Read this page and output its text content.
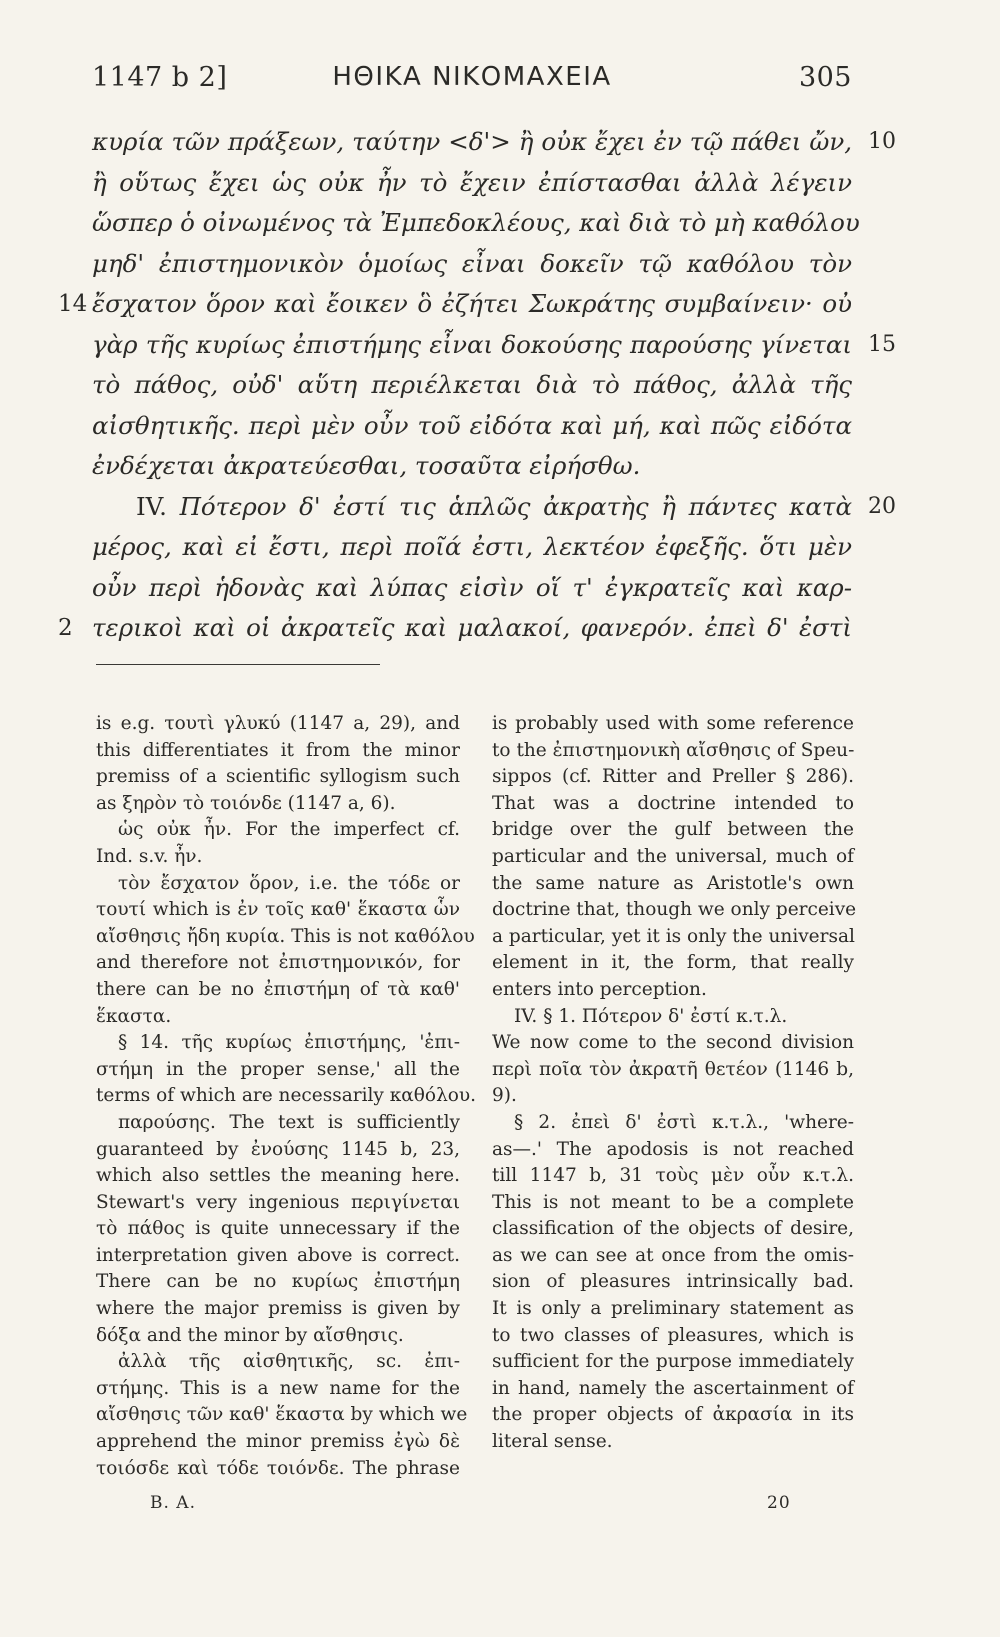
1147 b 2]	ΗΘΙΚΑ ΝΙΚΟΜΑΧΕΙΑ	305
κυρία τῶν πράξεων, ταύτην <δ'> ἢ οὐκ ἔχει ἐν τῷ πάθει ὤν, 10
ἢ οὕτως ἔχει ὡς οὐκ ἦν τὸ ἔχειν ἐπίστασθαι ἀλλὰ λέγειν
ὥσπερ ὁ οἰνωμένος τὰ Ἐμπεδοκλέους, καὶ διὰ τὸ μὴ καθόλου
μηδ' ἐπιστημονικὸν ὁμοίως εἶναι δοκεῖν τῷ καθόλου τὸν
ἔσχατον ὅρον καὶ ἔοικεν ὃ ἐζήτει Σωκράτης συμβαίνειν· οὐ
14
γὰρ τῆς κυρίως ἐπιστήμης εἶναι δοκούσης παρούσης γίνεται 15
τὸ πάθος, οὐδ' αὕτη περιέλκεται διὰ τὸ πάθος, ἀλλὰ τῆς
αἰσθητικῆς. περὶ μὲν οὖν τοῦ εἰδότα καὶ μή, καὶ πῶς εἰδότα
ἐνδέχεται ἀκρατεύεσθαι, τοσαῦτα εἰρήσθω.
IV. Πότερον δ' ἐστί τις ἁπλῶς ἀκρατὴς ἢ πάντες κατὰ 20
μέρος, καὶ εἰ ἔστι, περὶ ποῖά ἐστι, λεκτέον ἐφεξῆς. ὅτι μὲν
οὖν περὶ ἡδονὰς καὶ λύπας εἰσὶν οἵ τ' ἐγκρατεῖς καὶ καρ-
τερικοὶ καὶ οἱ ἀκρατεῖς καὶ μαλακοί, φανερόν. ἐπεὶ δ' ἐστὶ
2
is e.g. τουτὶ γλυκύ (1147 a, 29), and
this differentiates it from the minor
premiss of a scientific syllogism such
as ξηρὸν τὸ τοιόνδε (1147 a, 6).
ὡς οὐκ ἦν. For the imperfect cf.
Ind. s.v. ἦν.
τὸν ἔσχατον ὅρον, i.e. the τόδε or
τουτί which is ἐν τοῖς καθ' ἕκαστα ὧν
αἴσθησις ἤδη κυρία. This is not καθόλου
and therefore not ἐπιστημονικόν, for
there can be no ἐπιστήμη of τὰ καθ'
ἕκαστα.
§ 14. τῆς κυρίως ἐπιστήμης, 'ἐπι-
στήμη in the proper sense,' all the
terms of which are necessarily καθόλου.
παρούσης. The text is sufficiently
guaranteed by ἐνούσης 1145 b, 23,
which also settles the meaning here.
Stewart's very ingenious περιγίνεται
τὸ πάθος is quite unnecessary if the
interpretation given above is correct.
There can be no κυρίως ἐπιστήμη
where the major premiss is given by
δόξα and the minor by αἴσθησις.
ἀλλὰ τῆς αἰσθητικῆς, sc. ἐπι-
στήμης. This is a new name for the
αἴσθησις τῶν καθ' ἕκαστα by which we
apprehend the minor premiss ἐγὼ δὲ
τοιόσδε καὶ τόδε τοιόνδε. The phrase
is probably used with some reference
to the ἐπιστημονικὴ αἴσθησις of Speu-
sippos (cf. Ritter and Preller § 286).
That was a doctrine intended to
bridge over the gulf between the
particular and the universal, much of
the same nature as Aristotle's own
doctrine that, though we only perceive
a particular, yet it is only the universal
element in it, the form, that really
enters into perception.
IV. § 1. Πότερον δ' ἐστί κ.τ.λ.
We now come to the second division
περὶ ποῖα τὸν ἀκρατῆ θετέον (1146 b,
9).
§ 2. ἐπεὶ δ' ἐστὶ κ.τ.λ., 'where-
as—.' The apodosis is not reached
till 1147 b, 31 τοὺς μὲν οὖν κ.τ.λ.
This is not meant to be a complete
classification of the objects of desire,
as we can see at once from the omis-
sion of pleasures intrinsically bad.
It is only a preliminary statement as
to two classes of pleasures, which is
sufficient for the purpose immediately
in hand, namely the ascertainment of
the proper objects of ἀκρασία in its
literal sense.
B. A.	20
